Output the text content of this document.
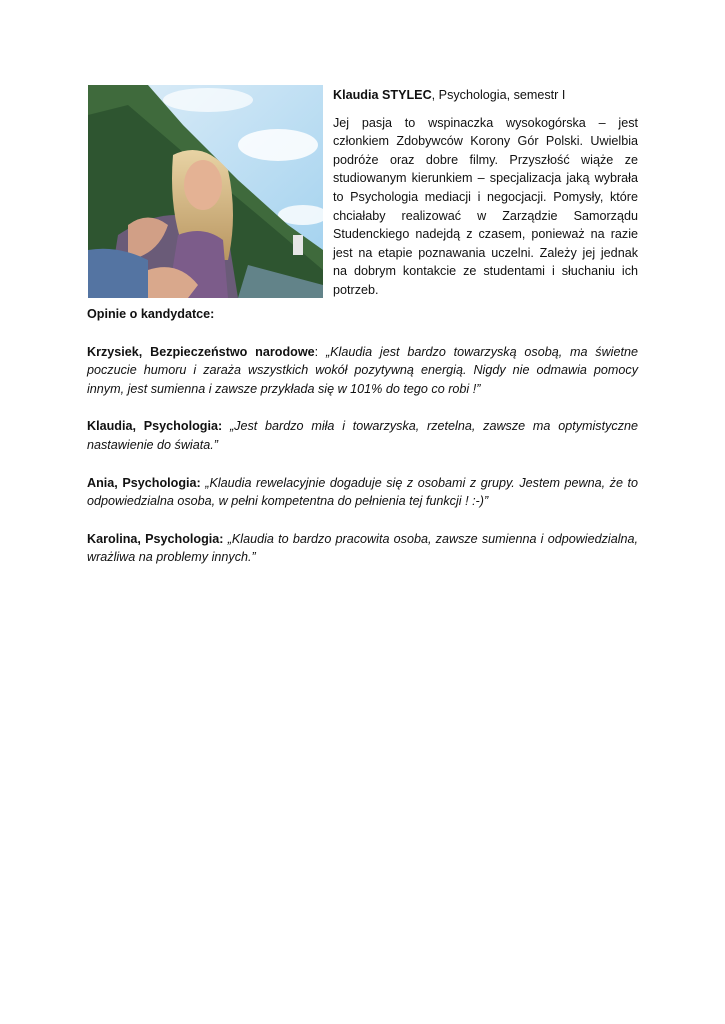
Klaudia STYLEC, Psychologia, semestr I

Jej pasja to wspinaczka wysokogórska – jest członkiem Zdobywców Korony Gór Polski. Uwielbia podróże oraz dobre filmy. Przyszłość wiąże ze studiowanym kierunkiem – specjalizacja jaką wybrała to Psychologia mediacji i negocjacji. Pomysły, które chciałaby realizować w Zarządzie Samorządu Studenckiego nadejdą z czasem, ponieważ na razie jest na etapie poznawania uczelni. Zależy jej jednak na dobrym kontakcie ze studentami i słuchaniu ich potrzeb.

Opinie o kandydatce:

Krzysiek, Bezpieczeństwo narodowe: „Klaudia jest bardzo towarzyską osobą, ma świetne poczucie humoru i zaraża wszystkich wokół pozytywną energią. Nigdy nie odmawia pomocy innym, jest sumienna i zawsze przykłada się w 101% do tego co robi !”

Klaudia, Psychologia: „Jest bardzo miła i towarzyska, rzetelna, zawsze ma optymistyczne nastawienie do świata.”

Ania, Psychologia: „Klaudia rewelacyjnie dogaduje się z osobami z grupy. Jestem pewna, że to odpowiedzialna osoba, w pełni kompetentna do pełnienia tej funkcji ! :-)”

Karolina, Psychologia: „Klaudia to bardzo pracowita osoba, zawsze sumienna i odpowiedzialna, wrażliwa na problemy innych.”
